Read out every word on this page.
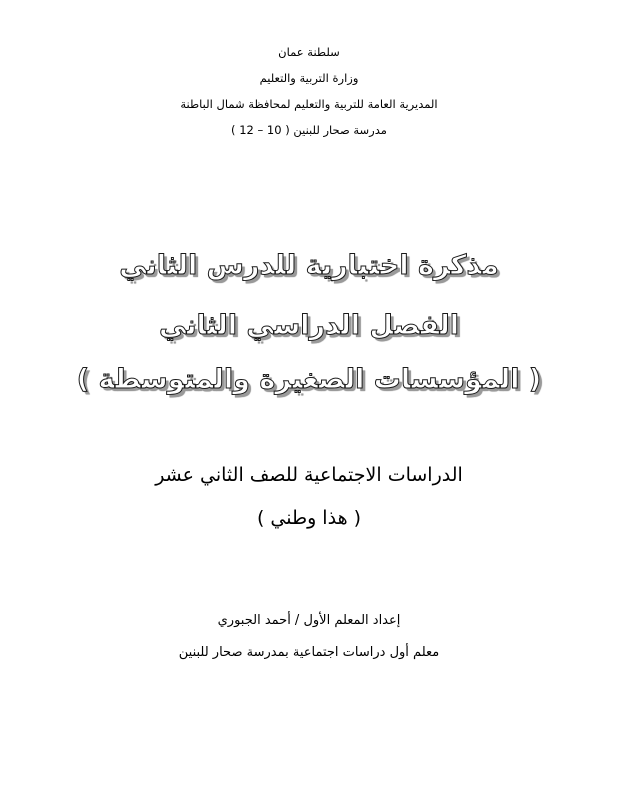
سلطنة عمان
وزارة التربية والتعليم
المديرية العامة للتربية والتعليم لمحافظة شمال الباطنة
مدرسة صحار للبنين ( 10 – 12 )
مذكرة اختبارية للدرس الثاني
الفصل الدراسي الثاني
( المؤسسات الصغيرة والمتوسطة )
الدراسات الاجتماعية للصف الثاني عشر
( هذا وطني )
إعداد المعلم الأول / أحمد الجبوري
معلم أول دراسات اجتماعية بمدرسة صحار للبنين
